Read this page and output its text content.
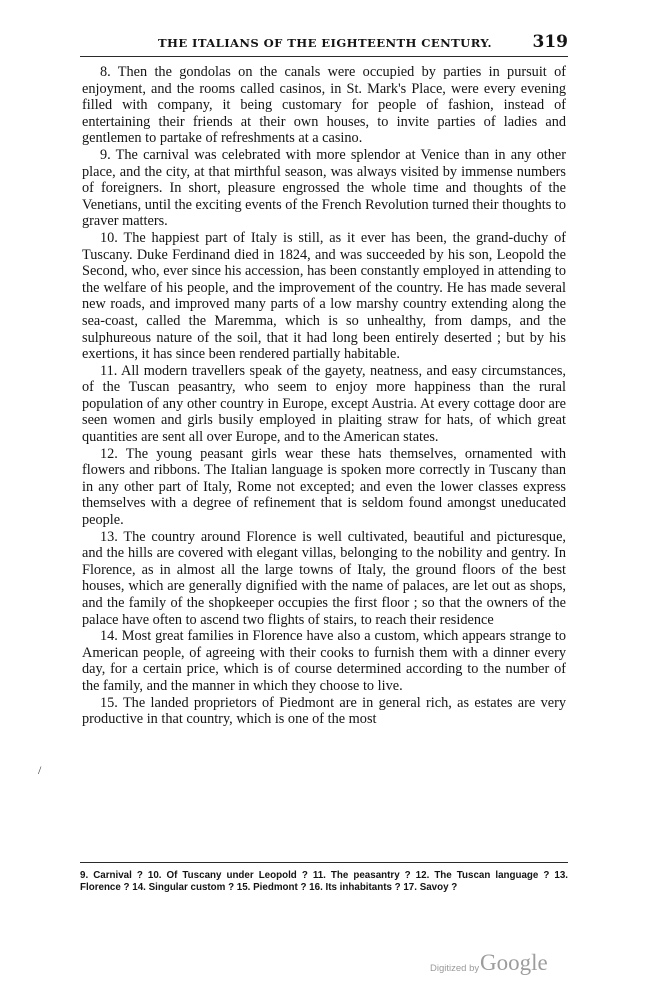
THE ITALIANS OF THE EIGHTEENTH CENTURY. 319

8. Then the gondolas on the canals were occupied by parties in pursuit of enjoyment, and the rooms called casinos, in St. Mark's Place, were every evening filled with company, it being customary for people of fashion, instead of entertaining their friends at their own houses, to invite parties of ladies and gentlemen to partake of refreshments at a casino.

9. The carnival was celebrated with more splendor at Venice than in any other place, and the city, at that mirthful season, was always visited by immense numbers of foreigners. In short, pleasure engrossed the whole time and thoughts of the Venetians, until the exciting events of the French Revolution turned their thoughts to graver matters.

10. The happiest part of Italy is still, as it ever has been, the grand-duchy of Tuscany. Duke Ferdinand died in 1824, and was succeeded by his son, Leopold the Second, who, ever since his accession, has been constantly employed in attending to the welfare of his people, and the improvement of the country. He has made several new roads, and improved many parts of a low marshy country extending along the sea-coast, called the Maremma, which is so unhealthy, from damps, and the sulphureous nature of the soil, that it had long been entirely deserted ; but by his exertions, it has since been rendered partially habitable.

11. All modern travellers speak of the gayety, neatness, and easy circumstances, of the Tuscan peasantry, who seem to enjoy more happiness than the rural population of any other country in Europe, except Austria. At every cottage door are seen women and girls busily employed in plaiting straw for hats, of which great quantities are sent all over Europe, and to the American states.

12. The young peasant girls wear these hats themselves, ornamented with flowers and ribbons. The Italian language is spoken more correctly in Tuscany than in any other part of Italy, Rome not excepted; and even the lower classes express themselves with a degree of refinement that is seldom found amongst uneducated people.

13. The country around Florence is well cultivated, beautiful and picturesque, and the hills are covered with elegant villas, belonging to the nobility and gentry. In Florence, as in almost all the large towns of Italy, the ground floors of the best houses, which are generally dignified with the name of palaces, are let out as shops, and the family of the shopkeeper occupies the first floor ; so that the owners of the palace have often to ascend two flights of stairs, to reach their residence

14. Most great families in Florence have also a custom, which appears strange to American people, of agreeing with their cooks to furnish them with a dinner every day, for a certain price, which is of course determined according to the number of the family, and the manner in which they choose to live.

15. The landed proprietors of Piedmont are in general rich, as estates are very productive in that country, which is one of the most

/
9. Carnival ? 10. Of Tuscany under Leopold ? 11. The peasantry ? 12. The Tuscan language ? 13. Florence ? 14. Singular custom ? 15. Piedmont ? 16. Its inhabitants ? 17. Savoy ?
Digitized by Google
